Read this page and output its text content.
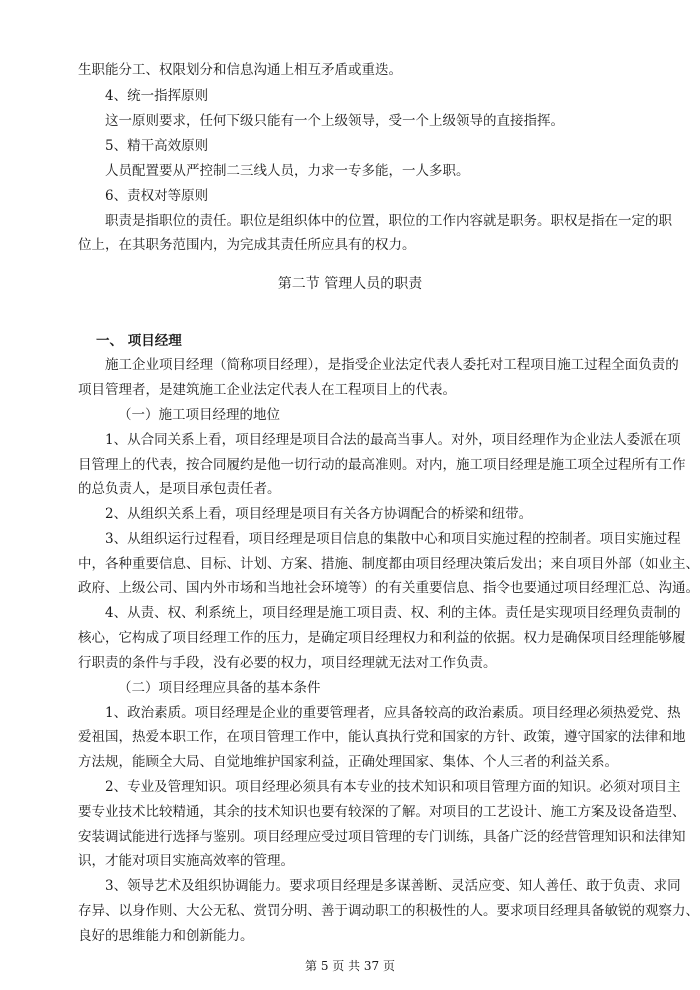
生职能分工、权限划分和信息沟通上相互矛盾或重迭。
4、统一指挥原则
这一原则要求，任何下级只能有一个上级领导，受一个上级领导的直接指挥。
5、精干高效原则
人员配置要从严控制二三线人员，力求一专多能，一人多职。
6、责权对等原则
职责是指职位的责任。职位是组织体中的位置，职位的工作内容就是职务。职权是指在一定的职
位上，在其职务范围内，为完成其责任所应具有的权力。
第二节 管理人员的职责
一、 项目经理
施工企业项目经理（简称项目经理），是指受企业法定代表人委托对工程项目施工过程全面负责的
项目管理者，是建筑施工企业法定代表人在工程项目上的代表。
（一）施工项目经理的地位
1、从合同关系上看，项目经理是项目合法的最高当事人。对外，项目经理作为企业法人委派在项
目管理上的代表，按合同履约是他一切行动的最高准则。对内，施工项目经理是施工项全过程所有工作
的总负责人，是项目承包责任者。
2、从组织关系上看，项目经理是项目有关各方协调配合的桥梁和纽带。
3、从组织运行过程看，项目经理是项目信息的集散中心和项目实施过程的控制者。项目实施过程
中，各种重要信息、目标、计划、方案、措施、制度都由项目经理决策后发出；来自项目外部（如业主、
政府、上级公司、国内外市场和当地社会环境等）的有关重要信息、指令也要通过项目经理汇总、沟通。
4、从责、权、利系统上，项目经理是施工项目责、权、利的主体。责任是实现项目经理负责制的
核心，它构成了项目经理工作的压力，是确定项目经理权力和利益的依据。权力是确保项目经理能够履
行职责的条件与手段，没有必要的权力，项目经理就无法对工作负责。
（二）项目经理应具备的基本条件
1、政治素质。项目经理是企业的重要管理者，应具备较高的政治素质。项目经理必须热爱党、热
爱祖国，热爱本职工作，在项目管理工作中，能认真执行党和国家的方针、政策，遵守国家的法律和地
方法规，能顾全大局、自觉地维护国家利益，正确处理国家、集体、个人三者的利益关系。
2、专业及管理知识。项目经理必须具有本专业的技术知识和项目管理方面的知识。必须对项目主
要专业技术比较精通，其余的技术知识也要有较深的了解。对项目的工艺设计、施工方案及设备造型、
安装调试能进行选择与鉴别。项目经理应受过项目管理的专门训练，具备广泛的经营管理知识和法律知
识，才能对项目实施高效率的管理。
3、领导艺术及组织协调能力。要求项目经理是多谋善断、灵活应变、知人善任、敢于负责、求同
存异、以身作则、大公无私、赏罚分明、善于调动职工的积极性的人。要求项目经理具备敏锐的观察力、
良好的思维能力和创新能力。
第 5 页 共 37 页
